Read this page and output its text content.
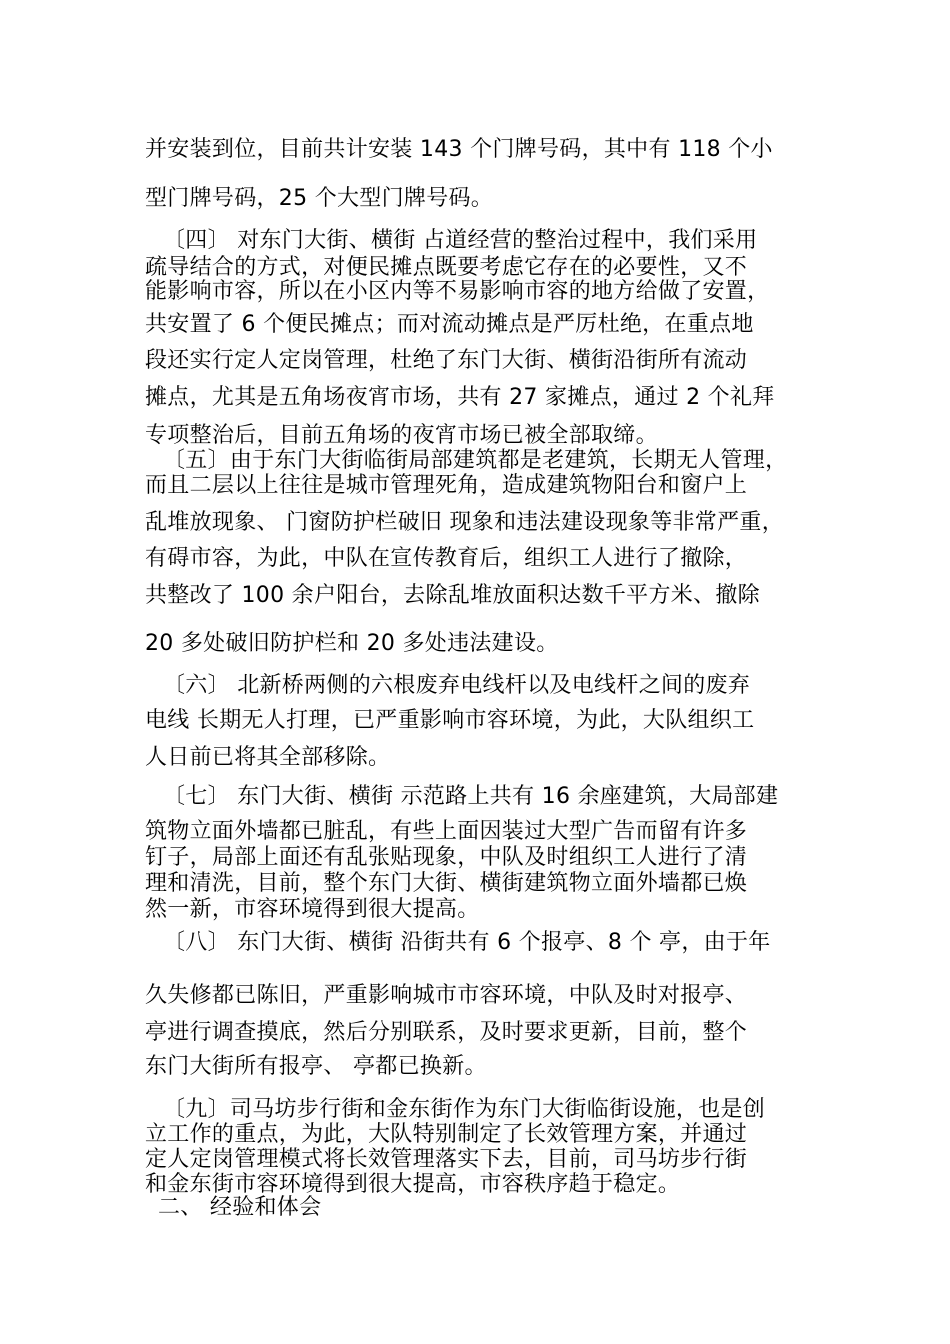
并安装到位，目前共计安装 143 个门牌号码，其中有 118 个小
型门牌号码，25 个大型门牌号码。
〔四〕 对东门大街、横街 占道经营的整治过程中，我们采用
疏导结合的方式，对便民摊点既要考虑它存在的必要性，又不
能影响市容，所以在小区内等不易影响市容的地方给做了安置，
共安置了 6 个便民摊点；而对流动摊点是严厉杜绝，在重点地
段还实行定人定岗管理，杜绝了东门大街、横街沿街所有流动
摊点，尤其是五角场夜宵市场，共有 27 家摊点，通过 2 个礼拜
专项整治后，目前五角场的夜宵市场已被全部取缔。
〔五〕由于东门大街临街局部建筑都是老建筑，长期无人管理，
而且二层以上往往是城市管理死角，造成建筑物阳台和窗户上
乱堆放现象、 门窗防护栏破旧 现象和违法建设现象等非常严重，
有碍市容，为此，中队在宣传教育后，组织工人进行了撤除，
共整改了 100 余户阳台，去除乱堆放面积达数千平方米、撤除
20 多处破旧防护栏和 20 多处违法建设。
〔六〕 北新桥两侧的六根废弃电线杆以及电线杆之间的废弃
电线 长期无人打理，已严重影响市容环境，为此，大队组织工
人日前已将其全部移除。
〔七〕 东门大街、横街 示范路上共有 16 余座建筑，大局部建
筑物立面外墙都已脏乱，有些上面因装过大型广告而留有许多
钉子，局部上面还有乱张贴现象，中队及时组织工人进行了清
理和清洗，目前，整个东门大街、横街建筑物立面外墙都已焕
然一新，市容环境得到很大提高。
〔八〕 东门大街、横街 沿街共有 6 个报亭、8 个 亭，由于年
久失修都已陈旧，严重影响城市市容环境，中队及时对报亭、
亭进行调查摸底，然后分别联系，及时要求更新，目前，整个
东门大街所有报亭、 亭都已换新。
〔九〕司马坊步行街和金东街作为东门大街临街设施，也是创
立工作的重点，为此，大队特别制定了长效管理方案，并通过
定人定岗管理模式将长效管理落实下去，目前，司马坊步行街
和金东街市容环境得到很大提高，市容秩序趋于稳定。
二、 经验和体会
